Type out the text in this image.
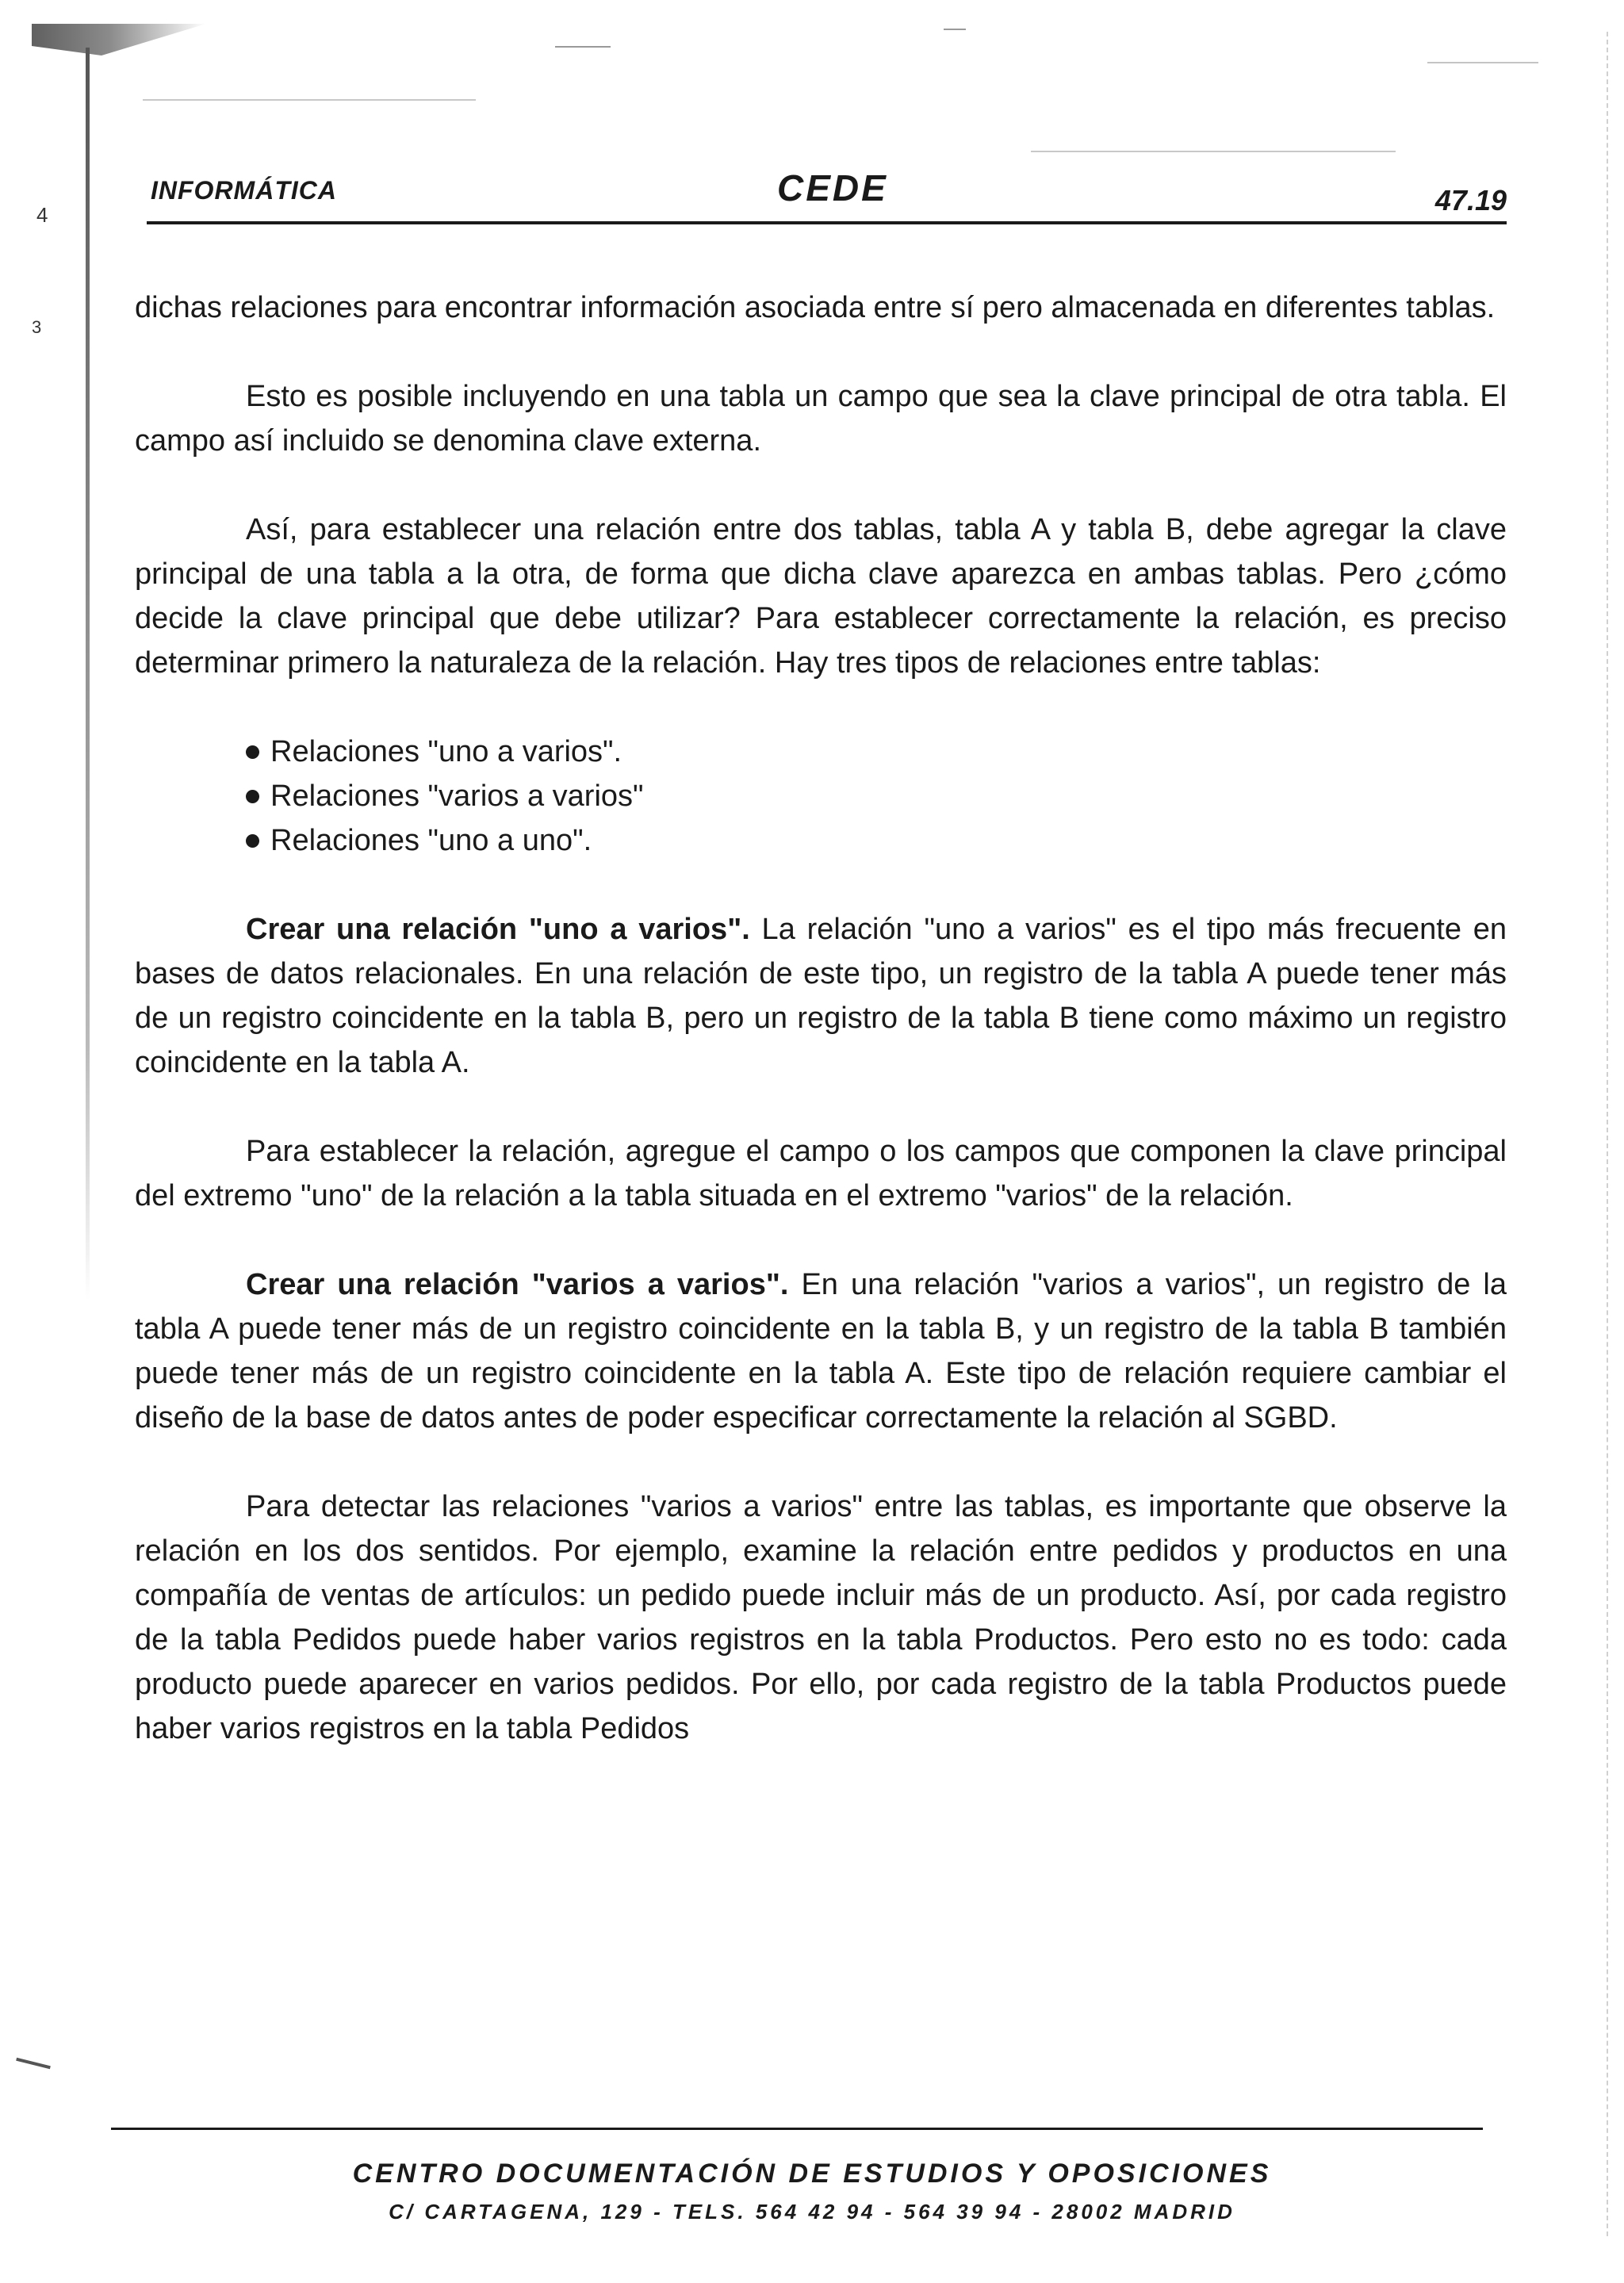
4
3
INFORMÁTICA	CEDE	47.19

dichas relaciones para encontrar información asociada entre sí pero almacenada en diferentes tablas.

Esto es posible incluyendo en una tabla un campo que sea la clave principal de otra tabla. El campo así incluido se denomina clave externa.

Así, para establecer una relación entre dos tablas, tabla A y tabla B, debe agregar la clave principal de una tabla a la otra, de forma que dicha clave aparezca en ambas tablas. Pero ¿cómo decide la clave principal que debe utilizar? Para establecer correctamente la relación, es preciso determinar primero la naturaleza de la relación. Hay tres tipos de relaciones entre tablas:

Relaciones "uno a varios".
Relaciones "varios a varios"
Relaciones "uno a uno".

Crear una relación "uno a varios". La relación "uno a varios" es el tipo más frecuente en bases de datos relacionales. En una relación de este tipo, un registro de la tabla A puede tener más de un registro coincidente en la tabla B, pero un registro de la tabla B tiene como máximo un registro coincidente en la tabla A.

Para establecer la relación, agregue el campo o los campos que componen la clave principal del extremo "uno" de la relación a la tabla situada en el extremo "varios" de la relación.

Crear una relación "varios a varios". En una relación "varios a varios", un registro de la tabla A puede tener más de un registro coincidente en la tabla B, y un registro de la tabla B también puede tener más de un registro coincidente en la tabla A. Este tipo de relación requiere cambiar el diseño de la base de datos antes de poder especificar correctamente la relación al SGBD.

Para detectar las relaciones "varios a varios" entre las tablas, es importante que observe la relación en los dos sentidos. Por ejemplo, examine la relación entre pedidos y productos en una compañía de ventas de artículos: un pedido puede incluir más de un producto. Así, por cada registro de la tabla Pedidos puede haber varios registros en la tabla Productos. Pero esto no es todo: cada producto puede aparecer en varios pedidos. Por ello, por cada registro de la tabla Productos puede haber varios registros en la tabla Pedidos

CENTRO DOCUMENTACIÓN DE ESTUDIOS Y OPOSICIONES
C/ CARTAGENA, 129 - TELS. 564 42 94 - 564 39 94 - 28002 MADRID
